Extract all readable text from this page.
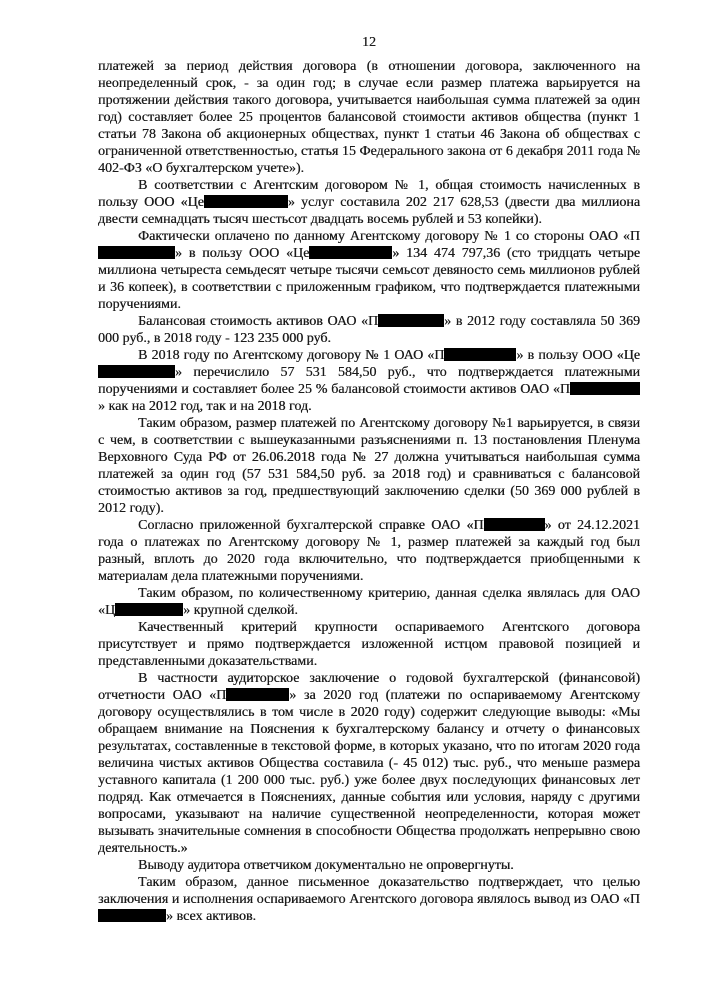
12

платежей за период действия договора (в отношении договора, заключенного на неопределенный срок, - за один год; в случае если размер платежа варьируется на протяжении действия такого договора, учитывается наибольшая сумма платежей за один год) составляет более 25 процентов балансовой стоимости активов общества (пункт 1 статьи 78 Закона об акционерных обществах, пункт 1 статьи 46 Закона об обществах с ограниченной ответственностью, статья 15 Федерального закона от 6 декабря 2011 года № 402-ФЗ «О бухгалтерском учете»).

В соответствии с Агентским договором № 1, общая стоимость начисленных в пользу ООО «Це	» услуг составила 202 217 628,53 (двести два миллиона двести семнадцать тысяч шестьсот двадцать восемь рублей и 53 копейки).

Фактически оплачено по данному Агентскому договору № 1 со стороны ОАО «П» в пользу ООО «Це	» 134 474 797,36 (сто тридцать четыре миллиона четыреста семьдесят четыре тысячи семьсот девяносто семь миллионов рублей и 36 копеек), в соответствии с приложенным графиком, что подтверждается платежными поручениями.

Балансовая стоимость активов ОАО «П	» в 2012 году составляла 50 369 000 руб., в 2018 году - 123 235 000 руб.

В 2018 году по Агентскому договору № 1 ОАО «П	» в пользу ООО «Це» перечислило 57 531 584,50 руб., что подтверждается платежными поручениями и составляет более 25 % балансовой стоимости активов ОАО «П» как на 2012 год, так и на 2018 год.

Таким образом, размер платежей по Агентскому договору №1 варьируется, в связи с чем, в соответствии с вышеуказанными разъяснениями п. 13 постановления Пленума Верховного Суда РФ от 26.06.2018 года № 27 должна учитываться наибольшая сумма платежей за один год (57 531 584,50 руб. за 2018 год) и сравниваться с балансовой стоимостью активов за год, предшествующий заключению сделки (50 369 000 рублей в 2012 году).

Согласно приложенной бухгалтерской справке ОАО «П	» от 24.12.2021 года о платежах по Агентскому договору № 1, размер платежей за каждый год был разный, вплоть до 2020 года включительно, что подтверждается приобщенными к материалам дела платежными поручениями.

Таким образом, по количественному критерию, данная сделка являлась для ОАО «Ц	» крупной сделкой.

Качественный критерий крупности оспариваемого Агентского договора присутствует и прямо подтверждается изложенной истцом правовой позицией и представленными доказательствами.

В частности аудиторское заключение о годовой бухгалтерской (финансовой) отчетности ОАО «П	» за 2020 год (платежи по оспариваемому Агентскому договору осуществлялись в том числе в 2020 году) содержит следующие выводы: «Мы обращаем внимание на Пояснения к бухгалтерскому балансу и отчету о финансовых результатах, составленные в текстовой форме, в которых указано, что по итогам 2020 года величина чистых активов Общества составила (- 45 012) тыс. руб., что меньше размера уставного капитала (1 200 000 тыс. руб.) уже более двух последующих финансовых лет подряд. Как отмечается в Пояснениях, данные события или условия, наряду с другими вопросами, указывают на наличие существенной неопределенности, которая может вызывать значительные сомнения в способности Общества продолжать непрерывно свою деятельность.»

Выводу аудитора ответчиком документально не опровергнуты.

Таким образом, данное письменное доказательство подтверждает, что целью заключения и исполнения оспариваемого Агентского договора являлось вывод из ОАО «П» всех активов.
